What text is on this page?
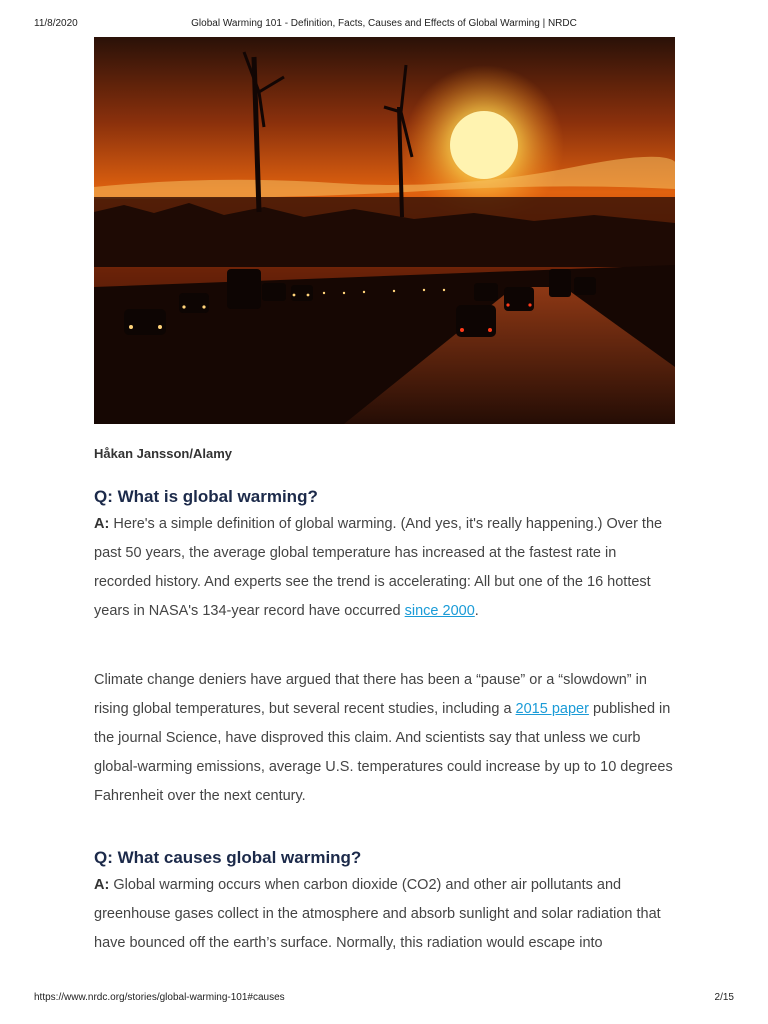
11/8/2020	Global Warming 101 - Definition, Facts, Causes and Effects of Global Warming | NRDC
Håkan Jansson/Alamy
Q: What is global warming?

A: Here's a simple definition of global warming. (And yes, it's really happening.) Over the past 50 years, the average global temperature has increased at the fastest rate in recorded history. And experts see the trend is accelerating: All but one of the 16 hottest years in NASA's 134-year record have occurred since 2000.

Climate change deniers have argued that there has been a “pause” or a “slowdown” in rising global temperatures, but several recent studies, including a 2015 paper published in the journal Science, have disproved this claim. And scientists say that unless we curb global-warming emissions, average U.S. temperatures could increase by up to 10 degrees Fahrenheit over the next century.

Q: What causes global warming?

A: Global warming occurs when carbon dioxide (CO2) and other air pollutants and greenhouse gases collect in the atmosphere and absorb sunlight and solar radiation that have bounced off the earth’s surface. Normally, this radiation would escape into

https://www.nrdc.org/stories/global-warming-101#causes	2/15
